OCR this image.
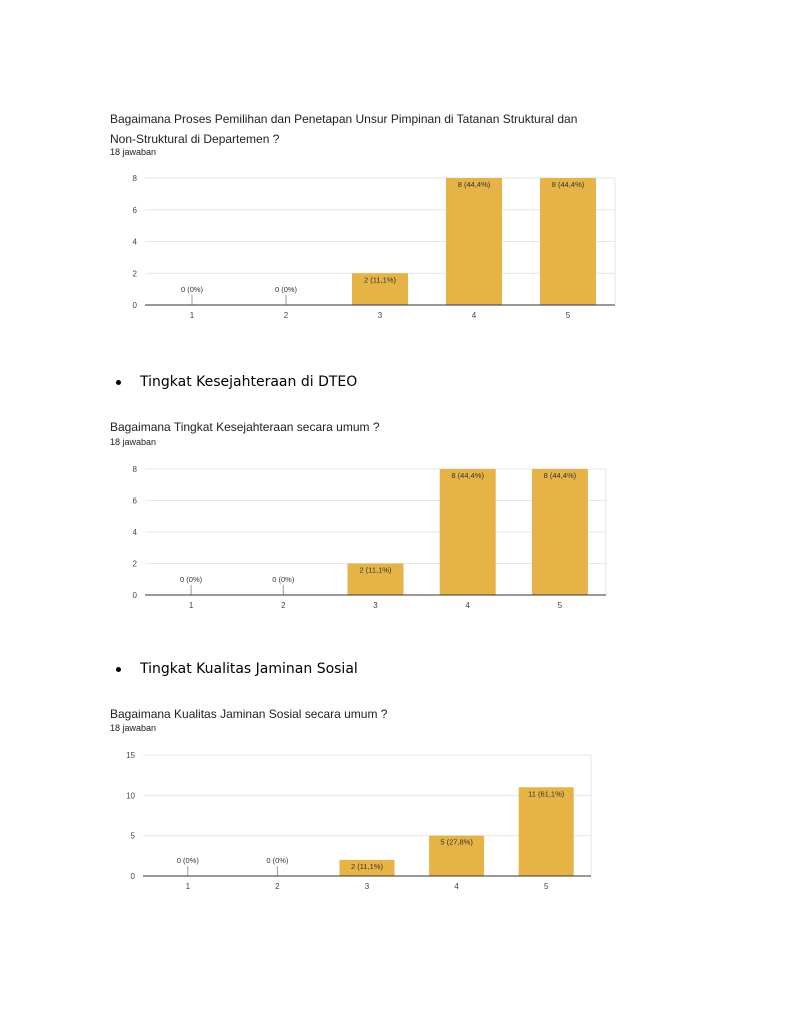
Bagaimana Proses Pemilihan dan Penetapan Unsur Pimpinan di Tatanan Struktural dan Non-Struktural di Departemen ?
18 jawaban
0
2
4
6
8
0 (0%)
1
0 (0%)
2
2 (11,1%)
3
8 (44,4%)
4
8 (44,4%)
5
Tingkat Kesejahteraan di DTEO
Bagaimana Tingkat Kesejahteraan secara umum ?
18 jawaban
0
2
4
6
8
0 (0%)
1
0 (0%)
2
2 (11,1%)
3
8 (44,4%)
4
8 (44,4%)
5
Tingkat Kualitas Jaminan Sosial
Bagaimana Kualitas Jaminan Sosial secara umum ?
18 jawaban
0
5
10
15
0 (0%)
1
0 (0%)
2
2 (11,1%)
3
5 (27,8%)
4
11 (61,1%)
5
